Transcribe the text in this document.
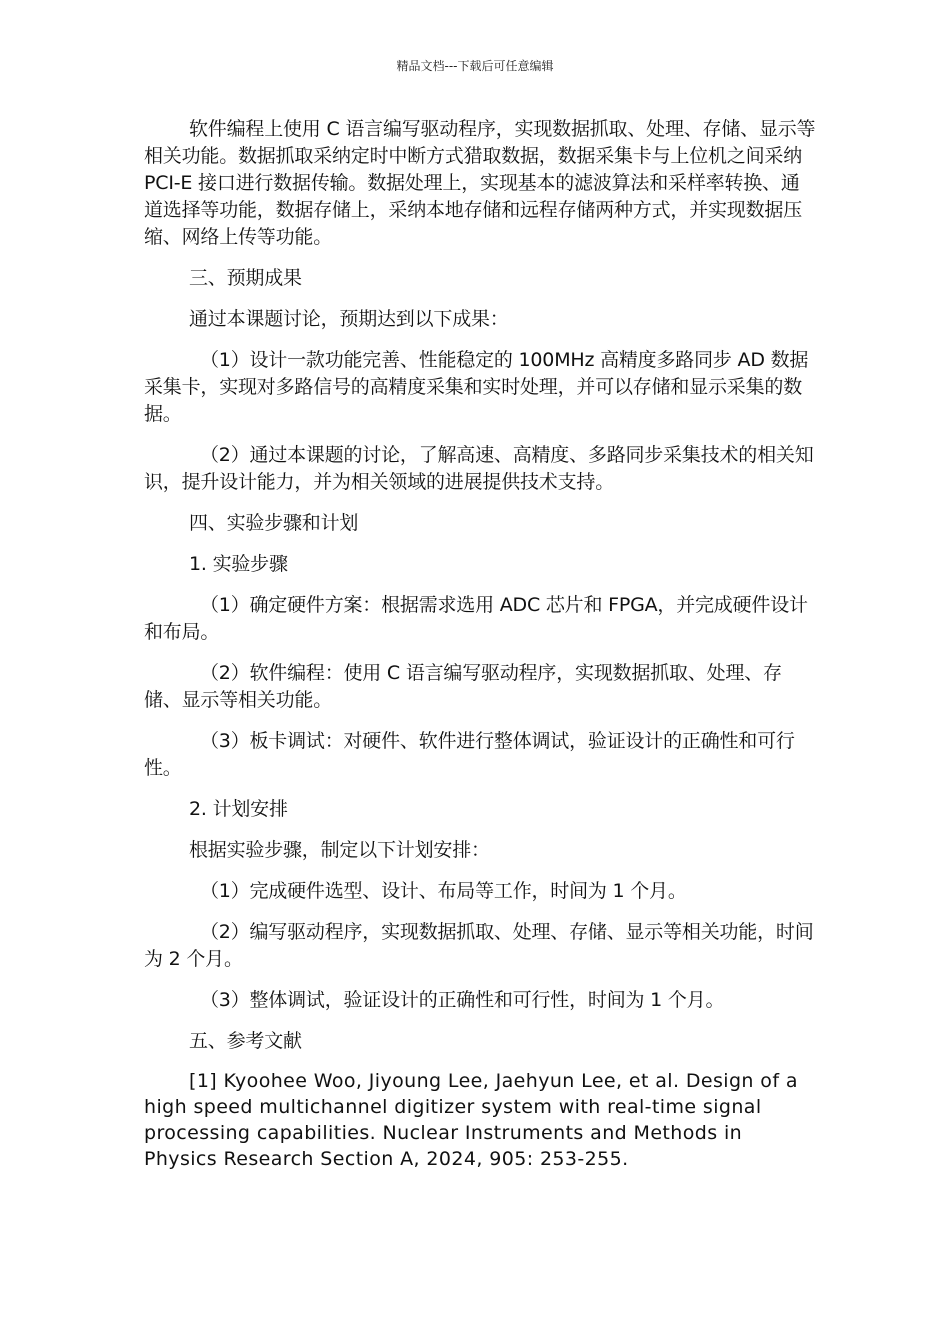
精品文档---下载后可任意编辑

软件编程上使用 C 语言编写驱动程序，实现数据抓取、处理、存储、显示等相关功能。数据抓取采纳定时中断方式猎取数据，数据采集卡与上位机之间采纳 PCI-E 接口进行数据传输。数据处理上，实现基本的滤波算法和采样率转换、通道选择等功能，数据存储上，采纳本地存储和远程存储两种方式，并实现数据压缩、网络上传等功能。

三、预期成果

通过本课题讨论，预期达到以下成果：

（1）设计一款功能完善、性能稳定的 100MHz 高精度多路同步 AD 数据采集卡，实现对多路信号的高精度采集和实时处理，并可以存储和显示采集的数据。

（2）通过本课题的讨论，了解高速、高精度、多路同步采集技术的相关知识，提升设计能力，并为相关领域的进展提供技术支持。

四、实验步骤和计划

1. 实验步骤

（1）确定硬件方案：根据需求选用 ADC 芯片和 FPGA，并完成硬件设计和布局。

（2）软件编程：使用 C 语言编写驱动程序，实现数据抓取、处理、存储、显示等相关功能。

（3）板卡调试：对硬件、软件进行整体调试，验证设计的正确性和可行性。

2. 计划安排

根据实验步骤，制定以下计划安排：

（1）完成硬件选型、设计、布局等工作，时间为 1 个月。

（2）编写驱动程序，实现数据抓取、处理、存储、显示等相关功能，时间为 2 个月。

（3）整体调试，验证设计的正确性和可行性，时间为 1 个月。

五、参考文献

[1] Kyoohee Woo, Jiyoung Lee, Jaehyun Lee, et al. Design of a high speed multichannel digitizer system with real-time signal processing capabilities. Nuclear Instruments and Methods in Physics Research Section A, 2024, 905: 253-255.
